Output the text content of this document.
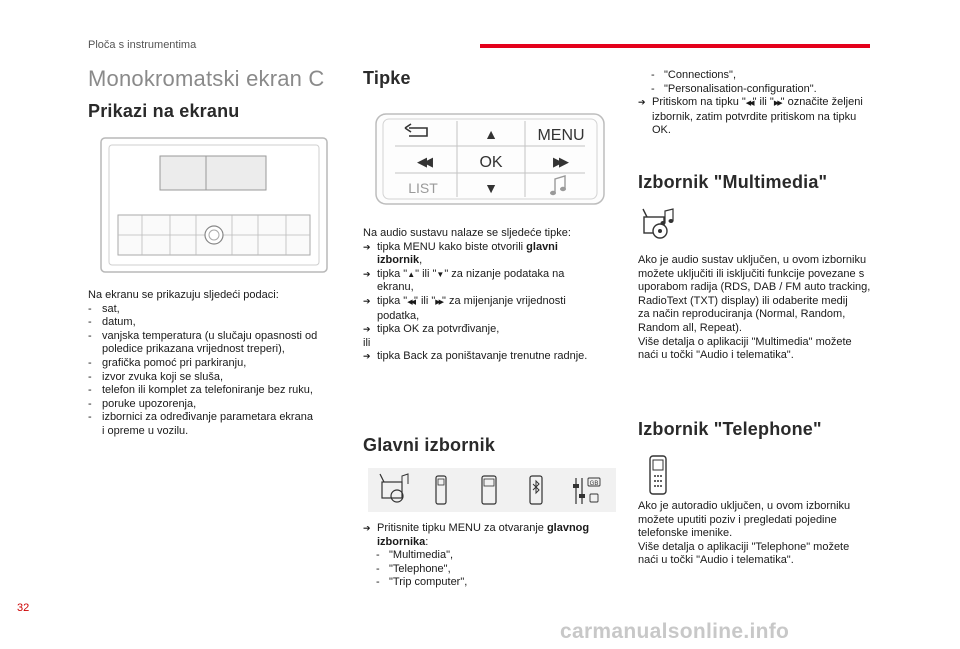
Ploča s instrumentima
Monokromatski ekran C
Prikazi na ekranu
Na ekranu se prikazuju sljedeći podaci:
- sat,
- datum,
- vanjska temperatura (u slučaju opasnosti od
poledice prikazana vrijednost treperi),
- grafička pomoć pri parkiranju,
- izvor zvuka koji se sluša,
- telefon ili komplet za telefoniranje bez ruku,
- poruke upozorenja,
- izbornici za određivanje parametara ekrana
i opreme u vozilu.
Tipke
▲ MENU
◀◀	OK	▶▶
LIST	▼
Na audio sustavu nalaze se sljedeće tipke:
➔ tipka MENU kako biste otvorili glavni
izbornik,
➔ tipka "▲" ili "▼" za nizanje podataka na
ekranu,
➔ tipka "◀◀" ili "▶▶" za mijenjanje vrijednosti
podatka,
➔ tipka OK za potvrđivanje,
ili
➔ tipka Back za poništavanje trenutne radnje.
Glavni izbornik
GB
➔ Pritisnite tipku MENU za otvaranje glavnog
izbornika:
- "Multimedia",
- "Telephone",
- "Trip computer",
- "Connections",
- "Personalisation-configuration".
➔ Pritiskom na tipku "◀◀" ili "▶▶" označite željeni
izbornik, zatim potvrdite pritiskom na tipku
OK.
Izbornik "Multimedia"
Ako je audio sustav uključen, u ovom izborniku
možete uključiti ili isključiti funkcije povezane s
uporabom radija (RDS, DAB / FM auto tracking,
RadioText (TXT) display) ili odaberite medij
za način reproduciranja (Normal, Random,
Random all, Repeat).
Više detalja o aplikaciji "Multimedia" možete
naći u točki "Audio i telematika".
Izbornik "Telephone"
Ako je autoradio uključen, u ovom izborniku
možete uputiti poziv i pregledati pojedine
telefonske imenike.
Više detalja o aplikaciji "Telephone" možete
naći u točki "Audio i telematika".
32
carmanualsonline.info
